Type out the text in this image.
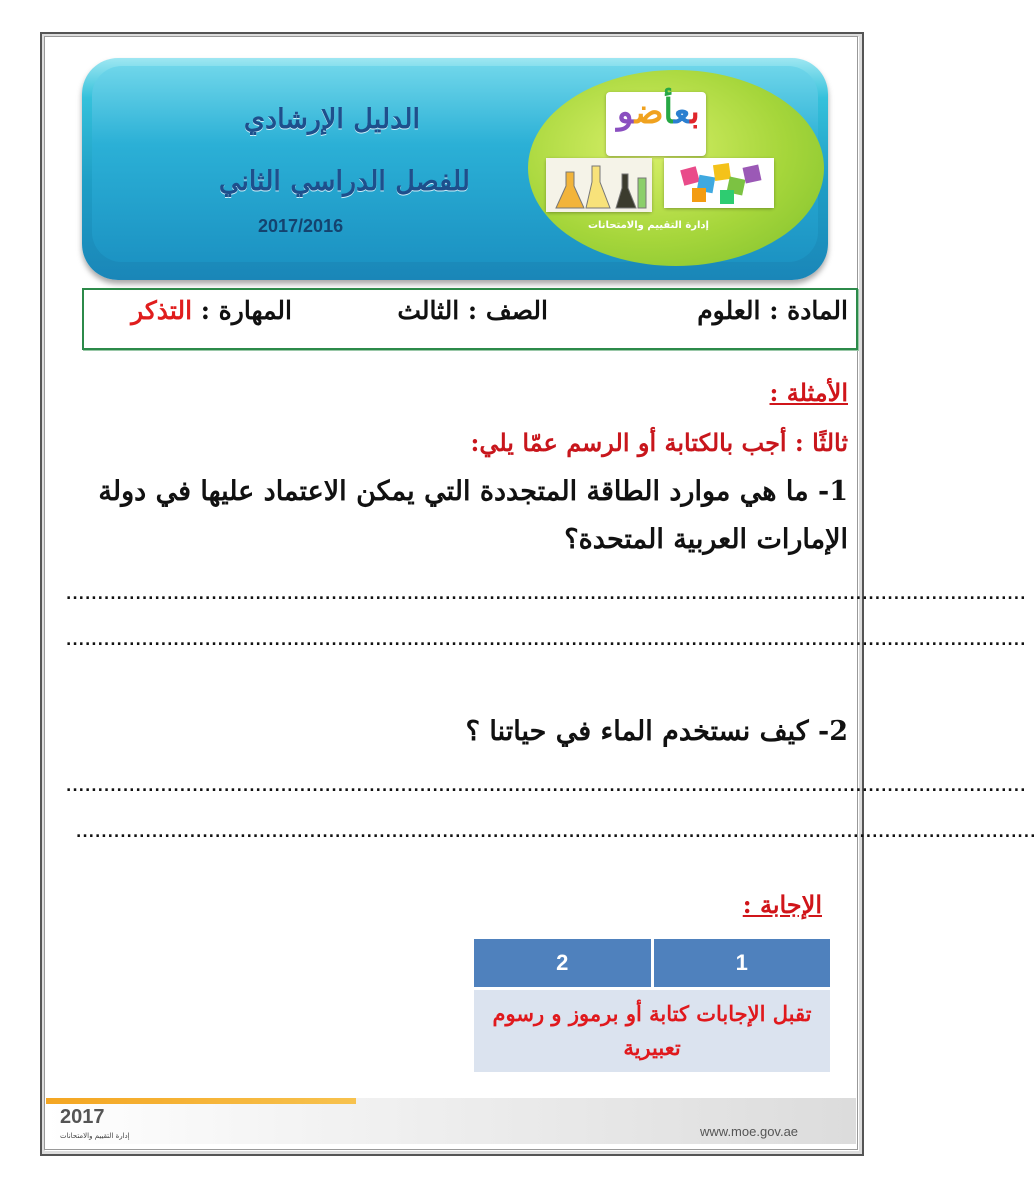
الدليل الإرشادي
للفصل الدراسي الثاني
2017/2016
بعأضو
إدارة التقييم والامتحانات
المادة : العلوم
الصف : الثالث
المهارة : التذكر
الأمثلة :
ثالثًا : أجب بالكتابة أو الرسم عمّا يلي:
1- ما هي موارد الطاقة المتجددة التي يمكن الاعتماد عليها في دولة
الإمارات العربية المتحدة؟
........................................................................................................................................................
........................................................................................................................................................
2- كيف نستخدم الماء في حياتنا ؟
........................................................................................................................................................
........................................................................................................................................................
الإجابة :
2	1
تقبل الإجابات كتابة أو برموز و رسوم تعبيرية
2017
إدارة التقييم والامتحانات	www.moe.gov.ae
